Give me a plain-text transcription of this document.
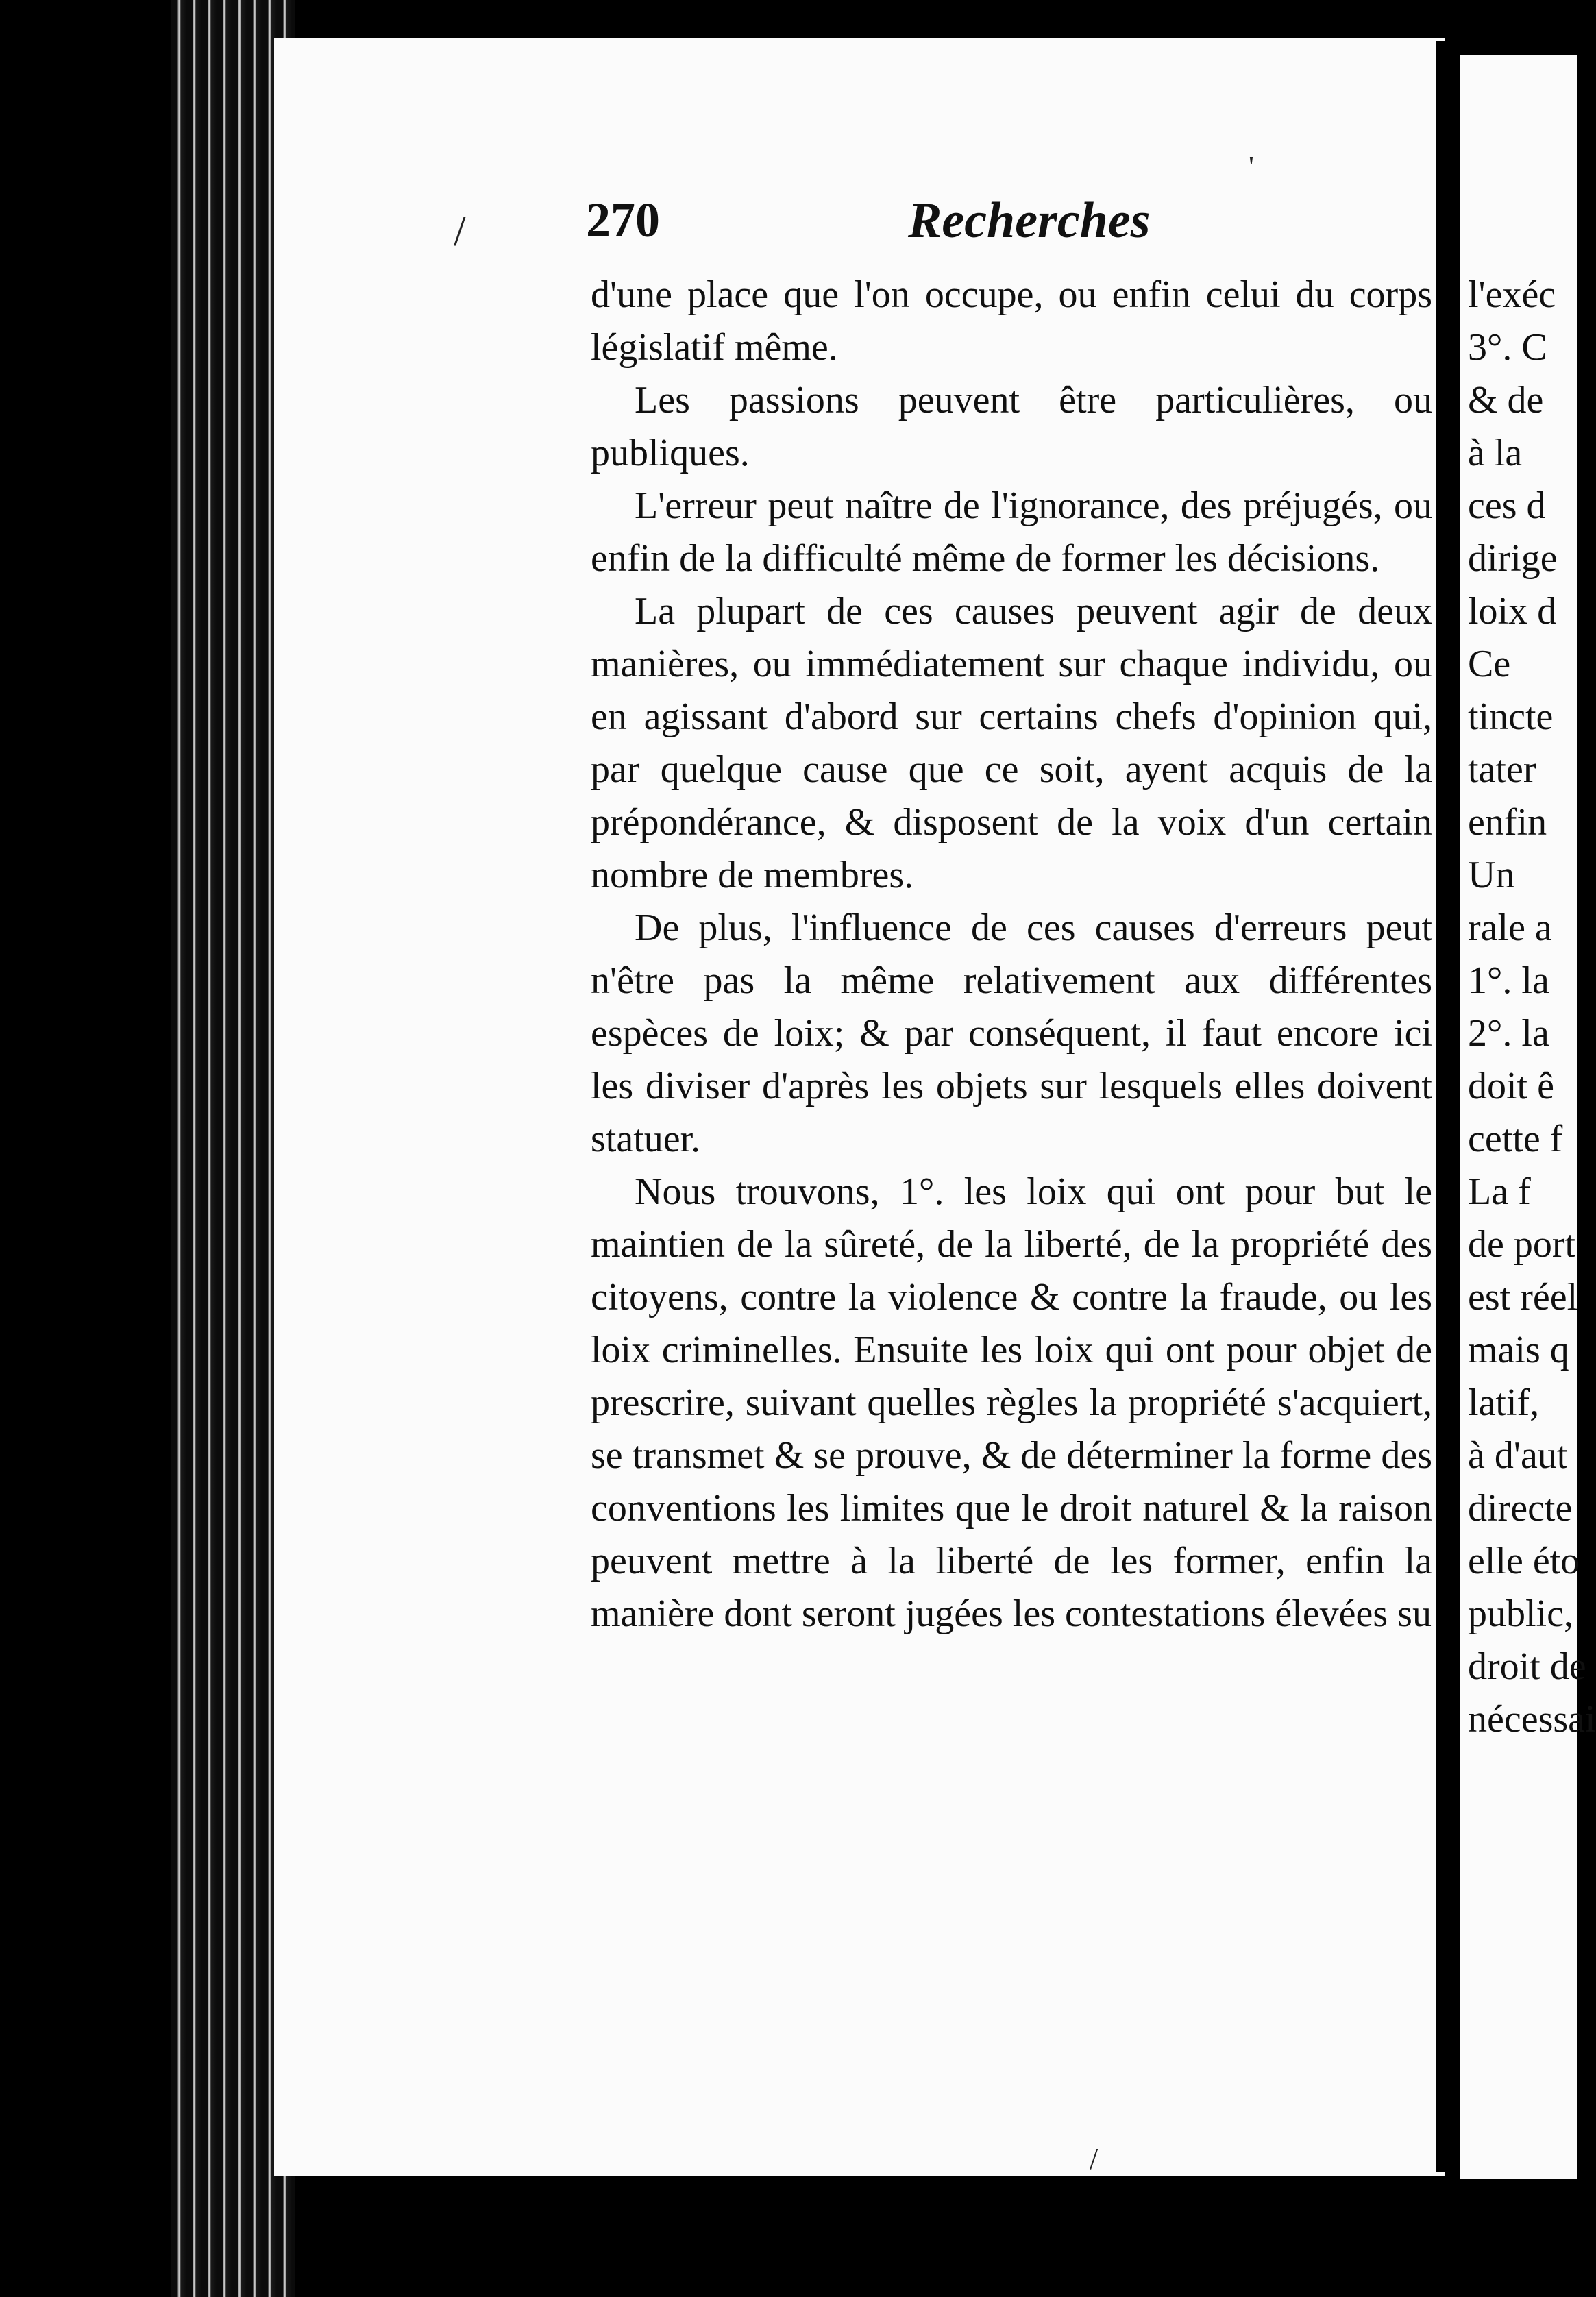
/
'
/
270	Recherches

d'une place que l'on occupe, ou enfin celui du corps législatif même.

Les passions peuvent être particulières, ou publiques.

L'erreur peut naître de l'ignorance, des préjugés, ou enfin de la difficulté même de former les décisions.

La plupart de ces causes peuvent agir de deux manières, ou immédiatement sur chaque individu, ou en agissant d'abord sur certains chefs d'opinion qui, par quelque cause que ce soit, ayent acquis de la prépondérance, & disposent de la voix d'un certain nombre de membres.

De plus, l'influence de ces causes d'erreurs peut n'être pas la même relativement aux différentes espèces de loix; & par conséquent, il faut encore ici les diviser d'après les objets sur lesquels elles doivent statuer.

Nous trouvons, 1°. les loix qui ont pour but le maintien de la sûreté, de la liberté, de la propriété des citoyens, contre la violence & contre la fraude, ou les loix criminelles. Ensuite les loix qui ont pour objet de prescrire, suivant quelles règles la propriété s'acquiert, se transmet & se prouve, & de déterminer la forme des conventions les limites que le droit naturel & la raison peuvent mettre à la liberté de les former, enfin la manière dont seront jugées les contestations élevées su

l'exéc
3°. C
& de
à la
ces d
dirige
loix d
Ce
tincte
tater
enfin
Un
rale a
1°. la
2°. la
doit ê
cette f
La f
de port
est réel
mais q
latif,
à d'aut
directe
elle éto
public,
droit de
nécessai
